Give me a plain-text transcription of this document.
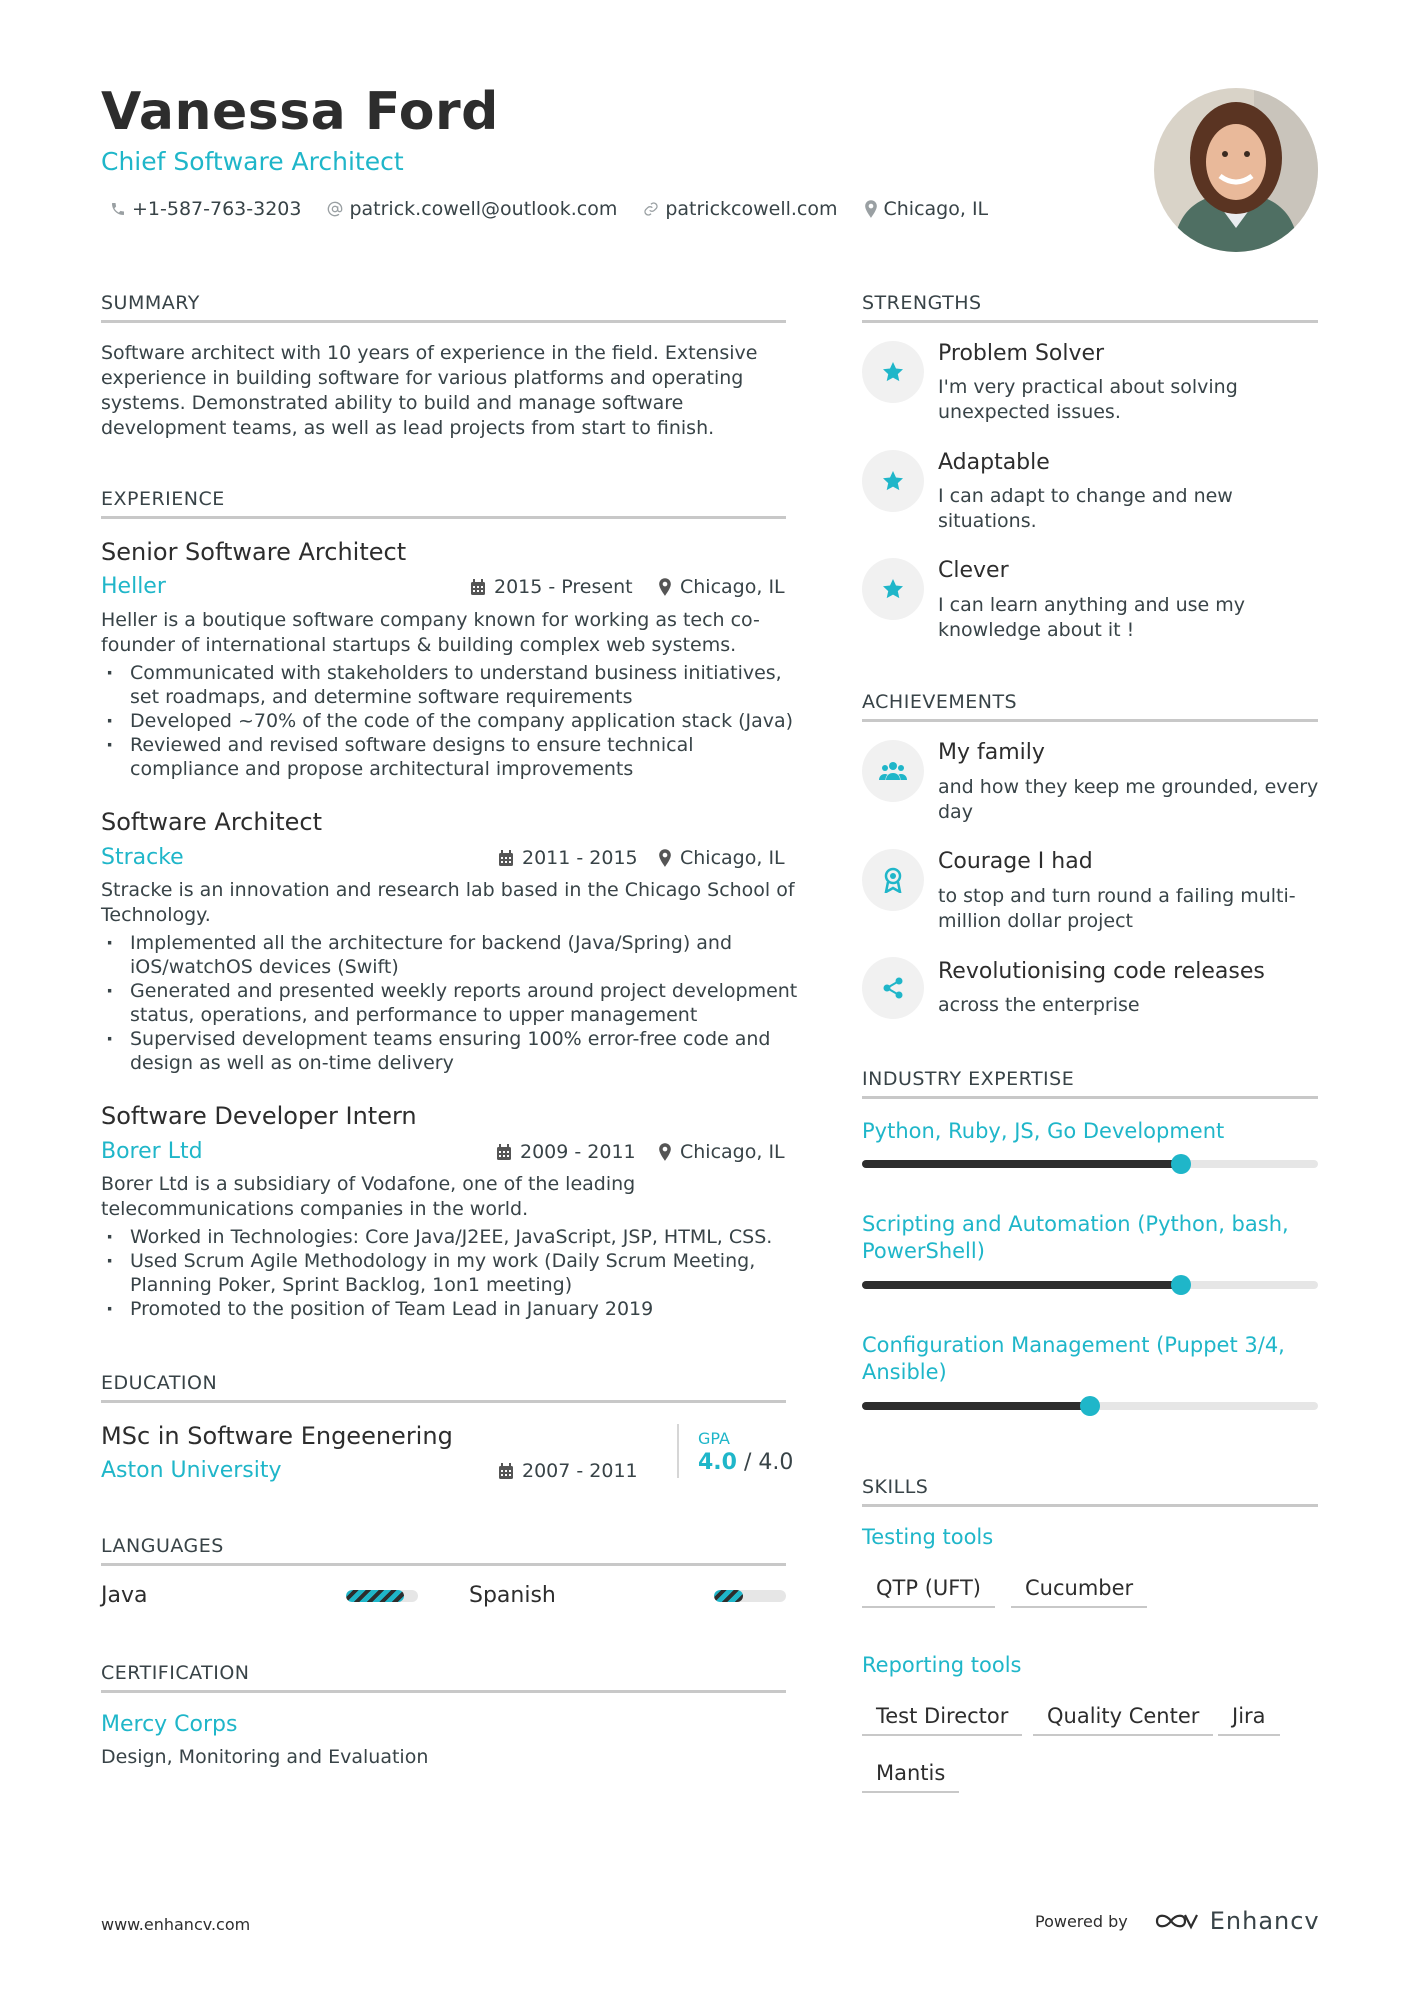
Vanessa Ford
Chief Software Architect
+1-587-763-3203	patrick.cowell@outlook.com	patrickcowell.com Chicago, IL
SUMMARY
Software architect with 10 years of experience in the field. Extensive
experience in building software for various platforms and operating
systems. Demonstrated ability to build and manage software
development teams, as well as lead projects from start to finish.
EXPERIENCE
Senior Software Architect
Heller	2015 - Present Chicago, IL
Heller is a boutique software company known for working as tech co-
founder of international startups & building complex web systems.
· Communicated with stakeholders to understand business initiatives,
set roadmaps, and determine software requirements
· Developed ~70% of the code of the company application stack (Java)
· Reviewed and revised software designs to ensure technical
compliance and propose architectural improvements
Software Architect
Stracke	2011 - 2015 Chicago, IL
Stracke is an innovation and research lab based in the Chicago School of
Technology.
· Implemented all the architecture for backend (Java/Spring) and
iOS/watchOS devices (Swift)
· Generated and presented weekly reports around project development
status, operations, and performance to upper management
· Supervised development teams ensuring 100% error-free code and
design as well as on-time delivery
Software Developer Intern
Borer Ltd	2009 - 2011 Chicago, IL
Borer Ltd is a subsidiary of Vodafone, one of the leading
telecommunications companies in the world.
· Worked in Technologies: Core Java/J2EE, JavaScript, JSP, HTML, CSS.
· Used Scrum Agile Methodology in my work (Daily Scrum Meeting,
Planning Poker, Sprint Backlog, 1on1 meeting)
· Promoted to the position of Team Lead in January 2019
EDUCATION
MSc in Software Engeenering
Aston University	2007 - 2011
GPA
4.0 / 4.0
LANGUAGES
Java	Spanish
CERTIFICATION
Mercy Corps
Design, Monitoring and Evaluation
STRENGTHS
Problem Solver
I'm very practical about solving
unexpected issues.
Adaptable
I can adapt to change and new
situations.
Clever
I can learn anything and use my
knowledge about it !
ACHIEVEMENTS
My family
and how they keep me grounded, every
day
Courage I had
to stop and turn round a failing multi-
million dollar project
Revolutionising code releases
across the enterprise
INDUSTRY EXPERTISE
Python, Ruby, JS, Go Development
Scripting and Automation (Python, bash,
PowerShell)
Configuration Management (Puppet 3/4,
Ansible)
SKILLS
Testing tools
QTP (UFT)	Cucumber
Reporting tools
Test Director	Quality Center	Jira
Mantis
www.enhancv.com	Powered by	Enhancv
